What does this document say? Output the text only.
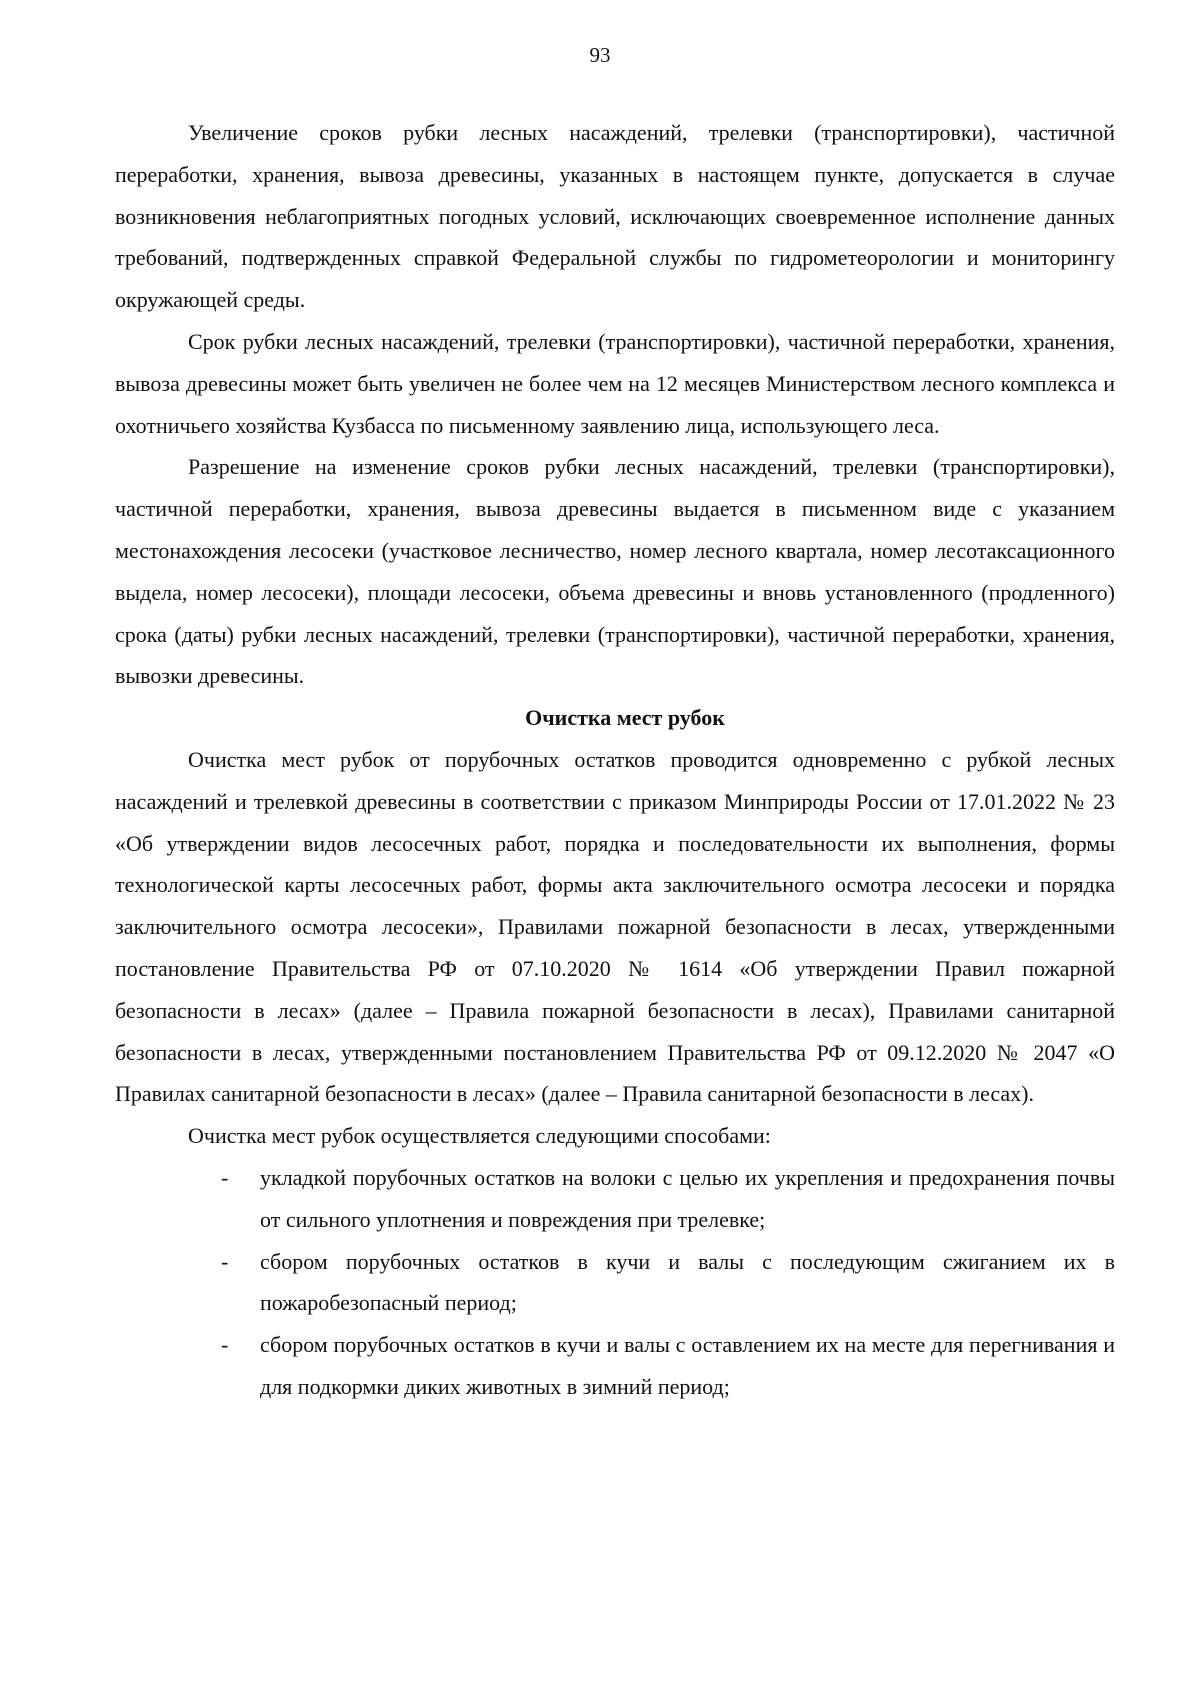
93

Увеличение сроков рубки лесных насаждений, трелевки (транспортировки), частичной переработки, хранения, вывоза древесины, указанных в настоящем пункте, допускается в случае возникновения неблагоприятных погодных условий, исключающих своевременное исполнение данных требований, подтвержденных справкой Федеральной службы по гидрометеорологии и мониторингу окружающей среды.

Срок рубки лесных насаждений, трелевки (транспортировки), частичной переработки, хранения, вывоза древесины может быть увеличен не более чем на 12 месяцев Министерством лесного комплекса и охотничьего хозяйства Кузбасса по письменному заявлению лица, использующего леса.

Разрешение на изменение сроков рубки лесных насаждений, трелевки (транспортировки), частичной переработки, хранения, вывоза древесины выдается в письменном виде с указанием местонахождения лесосеки (участковое лесничество, номер лесного квартала, номер лесотаксационного выдела, номер лесосеки), площади лесосеки, объема древесины и вновь установленного (продленного) срока (даты) рубки лесных насаждений, трелевки (транспортировки), частичной переработки, хранения, вывозки древесины.

Очистка мест рубок

Очистка мест рубок от порубочных остатков проводится одновременно с рубкой лесных насаждений и трелевкой древесины в соответствии с приказом Минприроды России от 17.01.2022 № 23 «Об утверждении видов лесосечных работ, порядка и последовательности их выполнения, формы технологической карты лесосечных работ, формы акта заключительного осмотра лесосеки и порядка заключительного осмотра лесосеки», Правилами пожарной безопасности в лесах, утвержденными постановление Правительства РФ от 07.10.2020 № 1614 «Об утверждении Правил пожарной безопасности в лесах» (далее – Правила пожарной безопасности в лесах), Правилами санитарной безопасности в лесах, утвержденными постановлением Правительства РФ от 09.12.2020 № 2047 «О Правилах санитарной безопасности в лесах» (далее – Правила санитарной безопасности в лесах).

Очистка мест рубок осуществляется следующими способами:

- укладкой порубочных остатков на волоки с целью их укрепления и предохранения почвы от сильного уплотнения и повреждения при трелевке;
- сбором порубочных остатков в кучи и валы с последующим сжиганием их в пожаробезопасный период;
- сбором порубочных остатков в кучи и валы с оставлением их на месте для перегнивания и для подкормки диких животных в зимний период;
